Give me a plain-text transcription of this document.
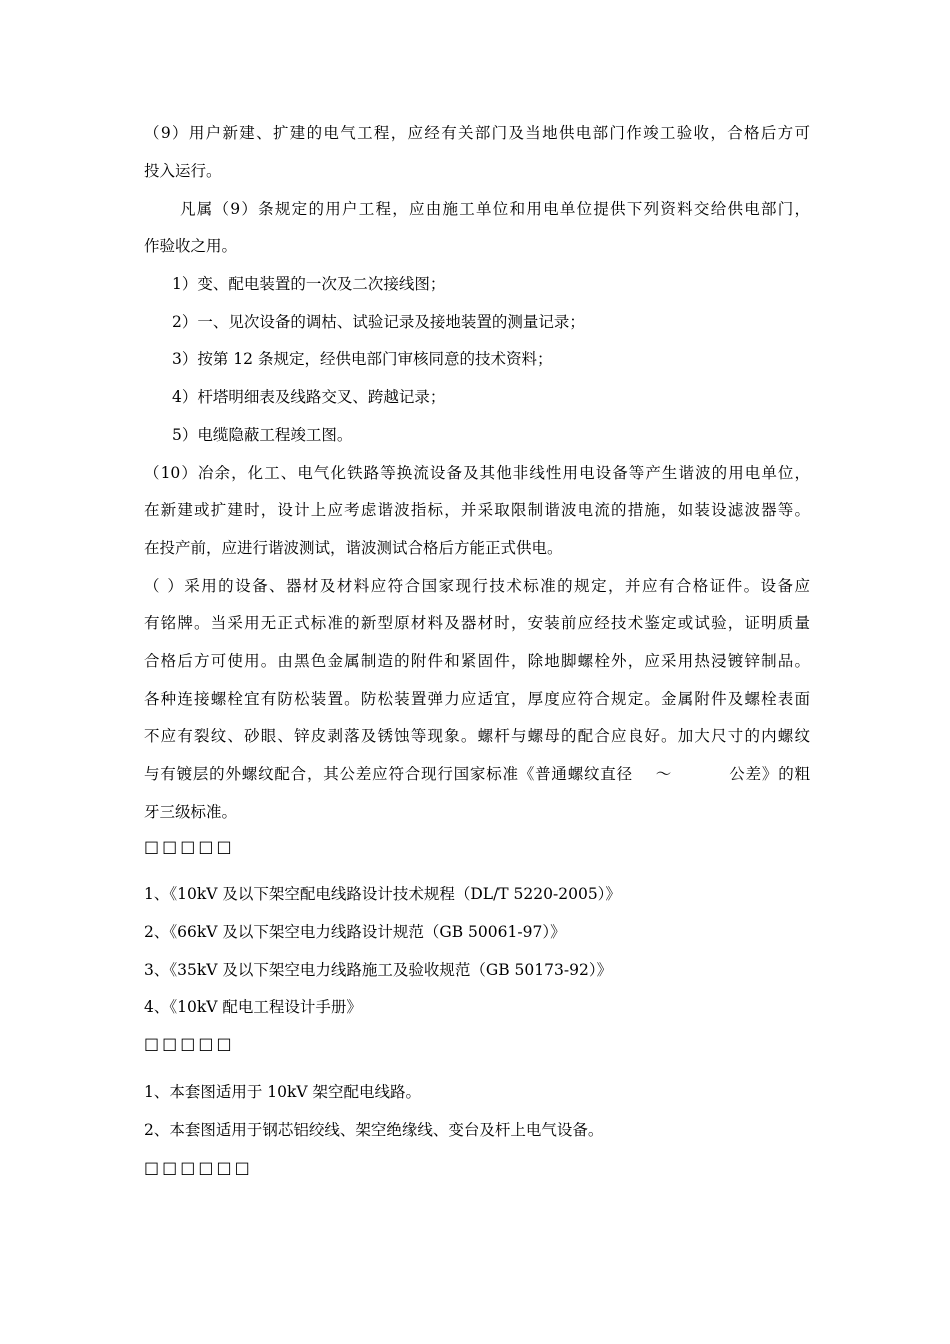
（9）用户新建、扩建的电气工程，应经有关部门及当地供电部门作竣工验收，合格后方可

投入运行。

凡属（9）条规定的用户工程，应由施工单位和用电单位提供下列资料交给供电部门，

作验收之用。

1）变、配电装置的一次及二次接线图；

2）一、见次设备的调枯、试验记录及接地装置的测量记录；

3）按第 12 条规定，经供电部门审核同意的技术资料；

4）杆塔明细表及线路交叉、跨越记录；

5）电缆隐蔽工程竣工图。

（10）冶余，化工、电气化铁路等换流设备及其他非线性用电设备等产生谐波的用电单位，

在新建或扩建时，设计上应考虑谐波指标，并采取限制谐波电流的措施，如装设滤波器等。

在投产前，应进行谐波测试，谐波测试合格后方能正式供电。

（ ）采用的设备、器材及材料应符合国家现行技术标准的规定，并应有合格证件。设备应

有铭牌。当采用无正式标准的新型原材料及器材时，安装前应经技术鉴定或试验，证明质量

合格后方可使用。由黑色金属制造的附件和紧固件，除地脚螺栓外，应采用热浸镀锌制品。

各种连接螺栓宜有防松装置。防松装置弹力应适宜，厚度应符合规定。金属附件及螺栓表面

不应有裂纹、砂眼、锌皮剥落及锈蚀等现象。螺杆与螺母的配合应良好。加大尺寸的内螺纹

与有镀层的外螺纹配合，其公差应符合现行国家标准《普通螺纹直径    ～          公差》的粗

牙三级标准。

□□□□□

1、《10kV 及以下架空配电线路设计技术规程（DL/T 5220-2005）》

2、《66kV 及以下架空电力线路设计规范（GB 50061-97）》

3、《35kV 及以下架空电力线路施工及验收规范（GB 50173-92）》

4、《10kV 配电工程设计手册》

□□□□□

1、本套图适用于 10kV 架空配电线路。

2、本套图适用于钢芯铝绞线、架空绝缘线、变台及杆上电气设备。

□□□□□□
